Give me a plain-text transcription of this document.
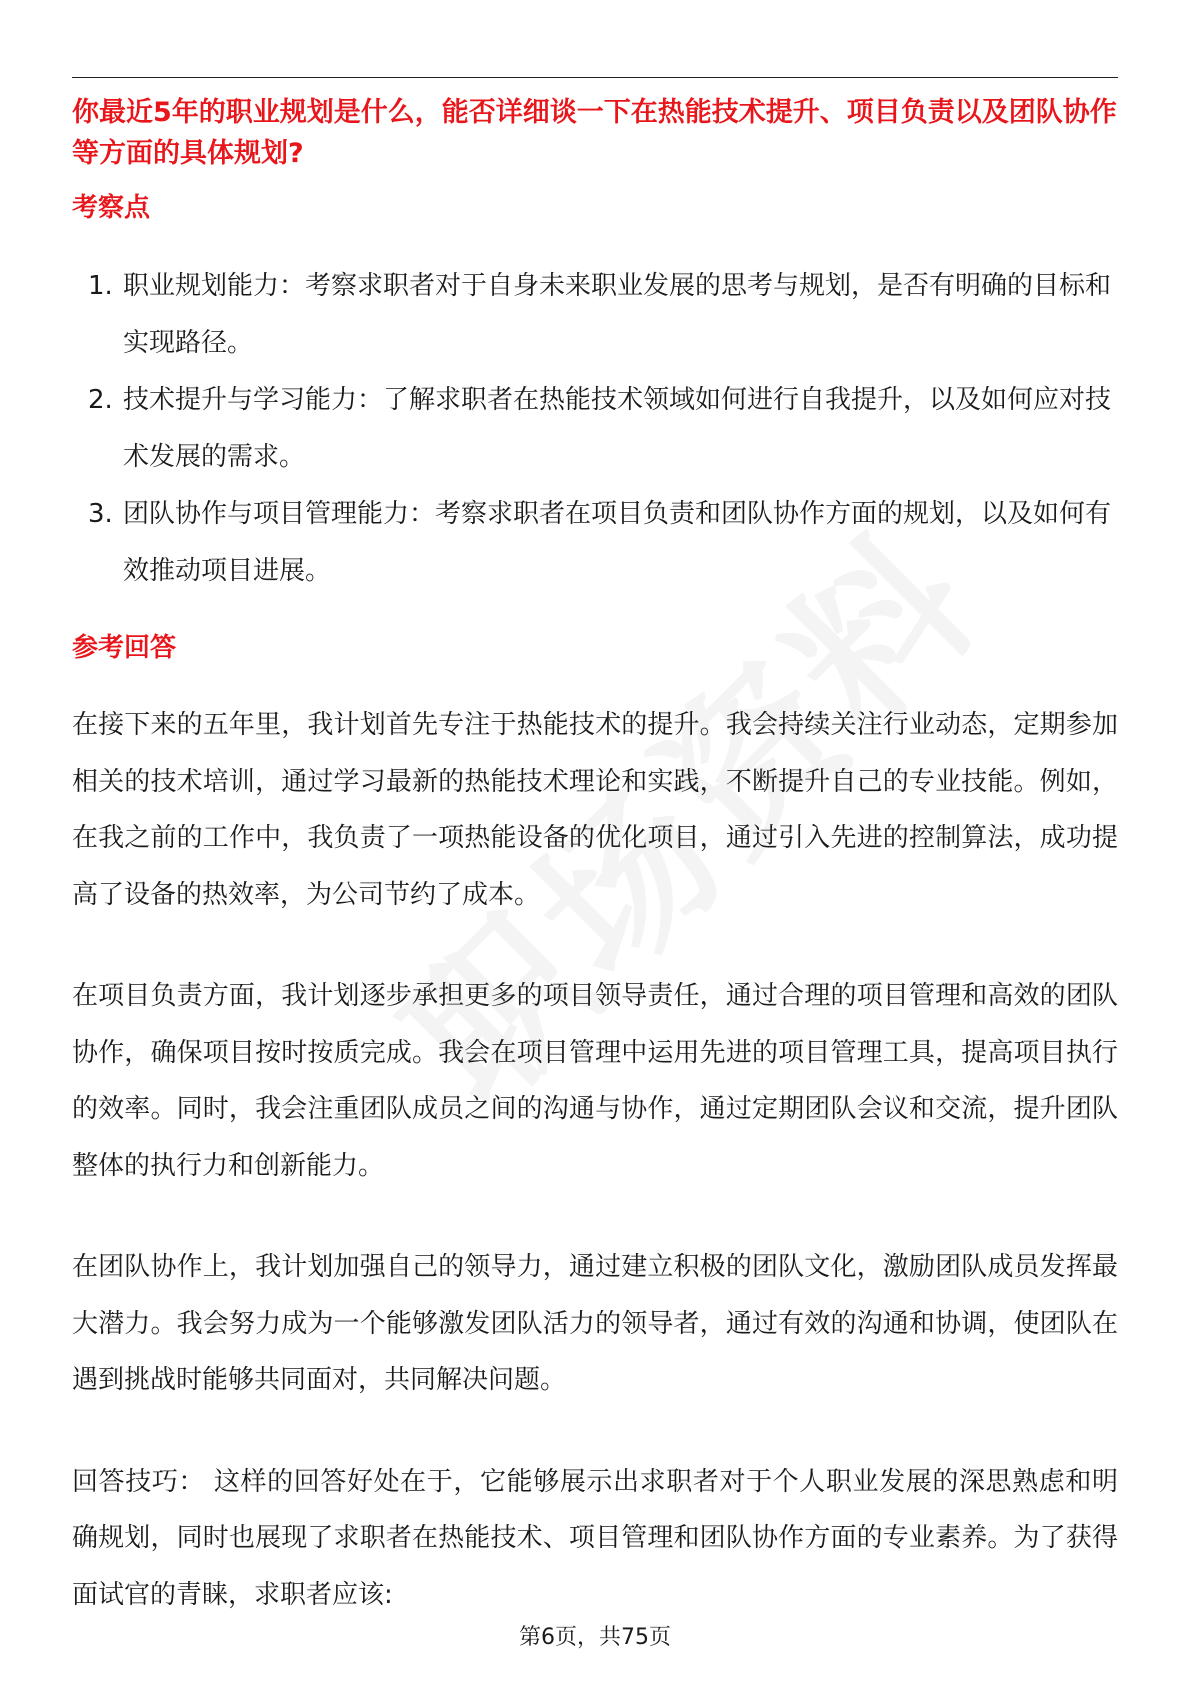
你最近5年的职业规划是什么，能否详细谈一下在热能技术提升、项目负责以及团队协作等方面的具体规划?
考察点
1. 职业规划能力：考察求职者对于自身未来职业发展的思考与规划，是否有明确的目标和实现路径。
2. 技术提升与学习能力：了解求职者在热能技术领域如何进行自我提升，以及如何应对技术发展的需求。
3. 团队协作与项目管理能力：考察求职者在项目负责和团队协作方面的规划，以及如何有效推动项目进展。
参考回答

在接下来的五年里，我计划首先专注于热能技术的提升。我会持续关注行业动态，定期参加相关的技术培训，通过学习最新的热能技术理论和实践，不断提升自己的专业技能。例如，在我之前的工作中，我负责了一项热能设备的优化项目，通过引入先进的控制算法，成功提高了设备的热效率，为公司节约了成本。

在项目负责方面，我计划逐步承担更多的项目领导责任，通过合理的项目管理和高效的团队协作，确保项目按时按质完成。我会在项目管理中运用先进的项目管理工具，提高项目执行的效率。同时，我会注重团队成员之间的沟通与协作，通过定期团队会议和交流，提升团队整体的执行力和创新能力。

在团队协作上，我计划加强自己的领导力，通过建立积极的团队文化，激励团队成员发挥最大潜力。我会努力成为一个能够激发团队活力的领导者，通过有效的沟通和协调，使团队在遇到挑战时能够共同面对，共同解决问题。

回答技巧： 这样的回答好处在于，它能够展示出求职者对于个人职业发展的深思熟虑和明确规划，同时也展现了求职者在热能技术、项目管理和团队协作方面的专业素养。为了获得面试官的青睐，求职者应该:

第6页，共75页
